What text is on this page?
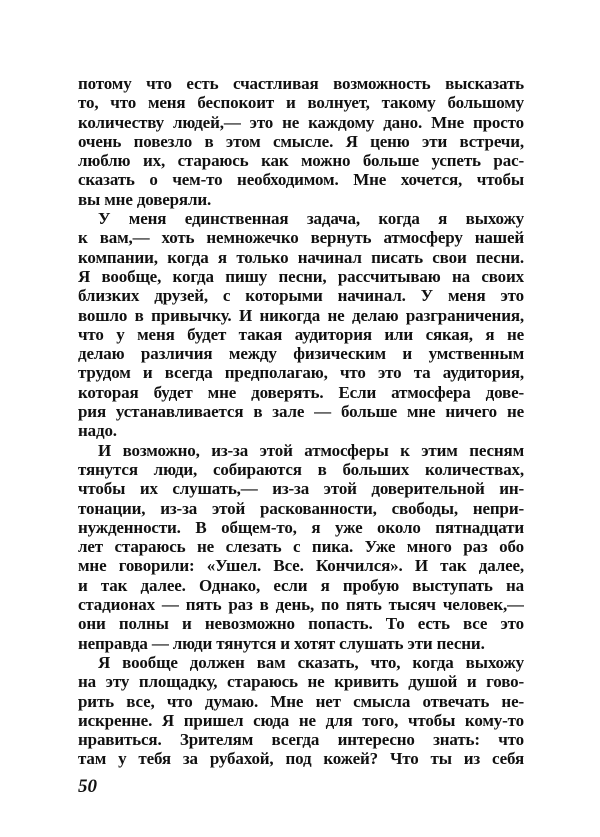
потому что есть счастливая возможность высказать
то, что меня беспокоит и волнует, такому большому
количеству людей,— это не каждому дано. Мне просто
очень повезло в этом смысле. Я ценю эти встречи,
люблю их, стараюсь как можно больше успеть рас-
сказать о чем-то необходимом. Мне хочется, чтобы
вы мне доверяли.
У меня единственная задача, когда я выхожу
к вам,— хоть немножечко вернуть атмосферу нашей
компании, когда я только начинал писать свои песни.
Я вообще, когда пишу песни, рассчитываю на своих
близких друзей, с которыми начинал. У меня это
вошло в привычку. И никогда не делаю разграничения,
что у меня будет такая аудитория или сякая, я не
делаю различия между физическим и умственным
трудом и всегда предполагаю, что это та аудитория,
которая будет мне доверять. Если атмосфера дове-
рия устанавливается в зале — больше мне ничего не
надо.
И возможно, из-за этой атмосферы к этим песням
тянутся люди, собираются в больших количествах,
чтобы их слушать,— из-за этой доверительной ин-
тонации, из-за этой раскованности, свободы, непри-
нужденности. В общем-то, я уже около пятнадцати
лет стараюсь не слезать с пика. Уже много раз обо
мне говорили: «Ушел. Все. Кончился». И так далее,
и так далее. Однако, если я пробую выступать на
стадионах — пять раз в день, по пять тысяч человек,—
они полны и невозможно попасть. То есть все это
неправда — люди тянутся и хотят слушать эти песни.
Я вообще должен вам сказать, что, когда выхожу
на эту площадку, стараюсь не кривить душой и гово-
рить все, что думаю. Мне нет смысла отвечать не-
искренне. Я пришел сюда не для того, чтобы кому-то
нравиться. Зрителям всегда интересно знать: что
там у тебя за рубахой, под кожей? Что ты из себя
50
